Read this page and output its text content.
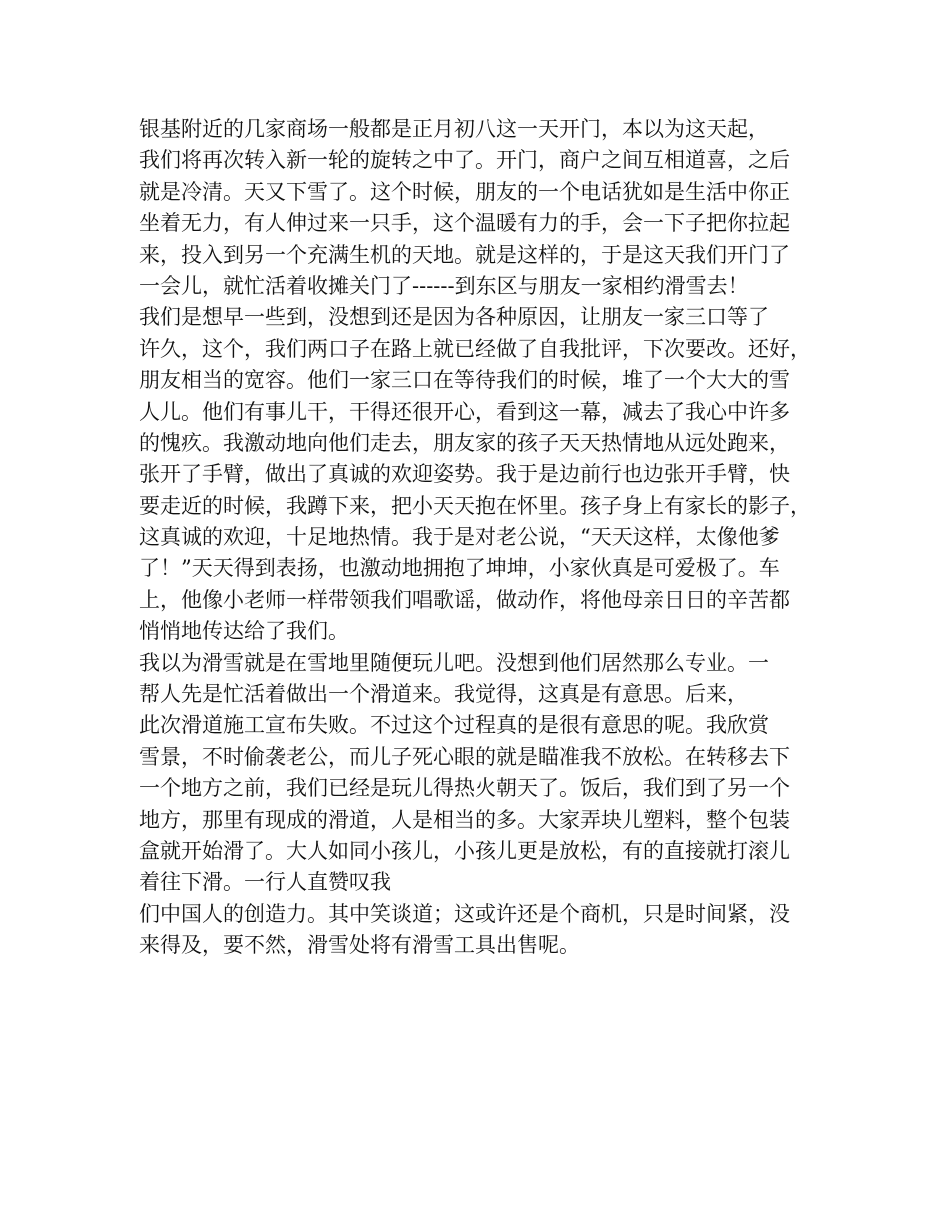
银基附近的几家商场一般都是正月初八这一天开门，本以为这天起，
我们将再次转入新一轮的旋转之中了。开门，商户之间互相道喜，之后
就是冷清。天又下雪了。这个时候，朋友的一个电话犹如是生活中你正
坐着无力，有人伸过来一只手，这个温暖有力的手，会一下子把你拉起
来，投入到另一个充满生机的天地。就是这样的，于是这天我们开门了
一会儿，就忙活着收摊关门了------到东区与朋友一家相约滑雪去！
我们是想早一些到，没想到还是因为各种原因，让朋友一家三口等了
许久，这个，我们两口子在路上就已经做了自我批评，下次要改。还好，
朋友相当的宽容。他们一家三口在等待我们的时候，堆了一个大大的雪
人儿。他们有事儿干，干得还很开心，看到这一幕，减去了我心中许多
的愧疚。我激动地向他们走去，朋友家的孩子天天热情地从远处跑来，
张开了手臂，做出了真诚的欢迎姿势。我于是边前行也边张开手臂，快
要走近的时候，我蹲下来，把小天天抱在怀里。孩子身上有家长的影子，
这真诚的欢迎，十足地热情。我于是对老公说，“天天这样，太像他爹
了！”天天得到表扬，也激动地拥抱了坤坤，小家伙真是可爱极了。车
上，他像小老师一样带领我们唱歌谣，做动作，将他母亲日日的辛苦都
悄悄地传达给了我们。
我以为滑雪就是在雪地里随便玩儿吧。没想到他们居然那么专业。一
帮人先是忙活着做出一个滑道来。我觉得，这真是有意思。后来，
此次滑道施工宣布失败。不过这个过程真的是很有意思的呢。我欣赏
雪景，不时偷袭老公，而儿子死心眼的就是瞄准我不放松。在转移去下
一个地方之前，我们已经是玩儿得热火朝天了。饭后，我们到了另一个
地方，那里有现成的滑道，人是相当的多。大家弄块儿塑料，整个包装
盒就开始滑了。大人如同小孩儿，小孩儿更是放松，有的直接就打滚儿
着往下滑。一行人直赞叹我
们中国人的创造力。其中笑谈道；这或许还是个商机，只是时间紧，没
来得及，要不然，滑雪处将有滑雪工具出售呢。
